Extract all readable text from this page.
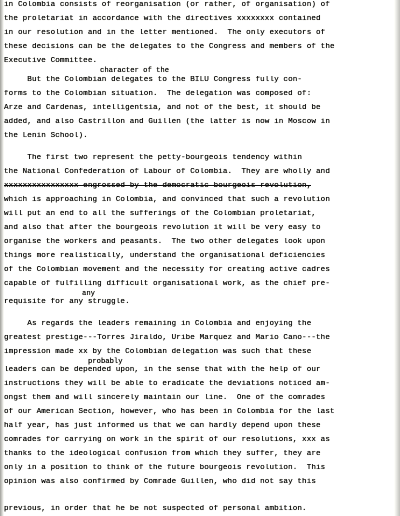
in Colombia consists of reorganisation (or rather, of organisation) of
the proletariat in accordance with the directives xxxxxxxx contained
in our resolution and in the letter mentioned.  The only executors of
these decisions can be the delegates to the Congress and members of the
Executive Committee.
character of the
But the Colombian delegates to the BILU Congress fully con-
forms to the Colombian situation.  The delegation was composed of:
Arze and Cardenas, intelligentsia, and not of the best, it should be
added, and also Castrillon and Guillen (the latter is now in Moscow in
the Lenin School).
The first two represent the petty-bourgeois tendency within
the National Confederation of Labour of Colombia.  They are wholly and
xxxxxxxxxxxxxxxx engrossed by the democratic bourgeois revolution,
which is approaching in Colombia, and convinced that such a revolution
will put an end to all the sufferings of the Colombian proletariat,
and also that after the bourgeois revolution it will be very easy to
organise the workers and peasants.  The two other delegates look upon
things more realistically, understand the organisational deficiencies
of the Colombian movement and the necessity for creating active cadres
capable of fulfilling difficult organisational work, as the chief pre-
any
requisite for any struggle.
As regards the leaders remaining in Colombia and enjoying the
greatest prestige---Torres Jiraldo, Uribe Marquez and Mario Cano---the
impression made xx by the Colombian delegation was such that these
probably
leaders can be depended upon, in the sense that with the help of our
instructions they will be able to eradicate the deviations noticed am-
ongst them and will sincerely maintain our line.  One of the comrades
of our American Section, however, who has been in Colombia for the last
half year, has just informed us that we can hardly depend upon these
comrades for carrying on work in the spirit of our resolutions, xxx as
thanks to the ideological confusion from which they suffer, they are
only in a position to think of the future bourgeois revolution.  This
opinion was also confirmed by Comrade Guillen, who did not say this
previous, in order that he be not suspected of personal ambition.
